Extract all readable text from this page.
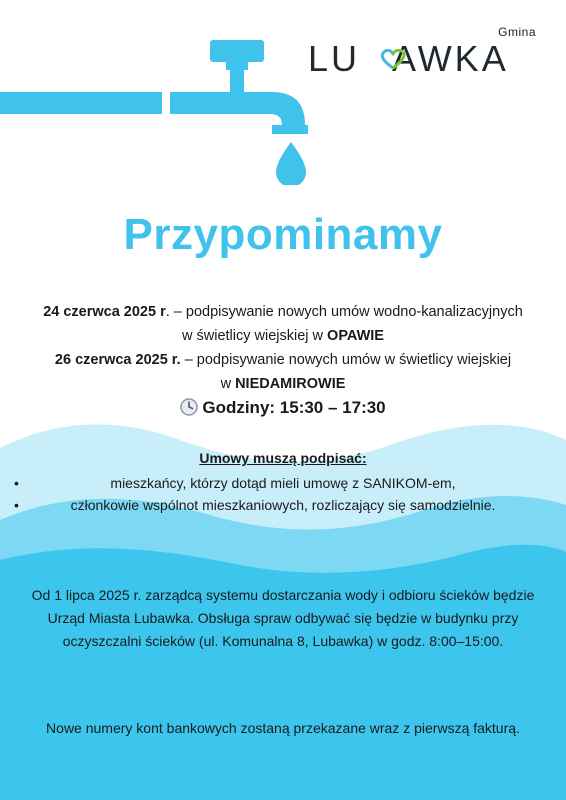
Gmina
LU AWKA
Przypominamy

24 czerwca 2025 r. – podpisywanie nowych umów wodno-kanalizacyjnych

w świetlicy wiejskiej w OPAWIE

26 czerwca 2025 r. – podpisywanie nowych umów w świetlicy wiejskiej

w NIEDAMIROWIE

Godziny: 15:30 – 17:30
Umowy muszą podpisać:
•	mieszkańcy, którzy dotąd mieli umowę z SANIKOM-em,
•	członkowie wspólnot mieszkaniowych, rozliczający się samodzielnie.

Od 1 lipca 2025 r. zarządcą systemu dostarczania wody i odbioru ścieków będzie Urząd Miasta Lubawka. Obsługa spraw odbywać się będzie w budynku przy oczyszczalni ścieków (ul. Komunalna 8, Lubawka) w godz. 8:00–15:00.

Nowe numery kont bankowych zostaną przekazane wraz z pierwszą fakturą.
